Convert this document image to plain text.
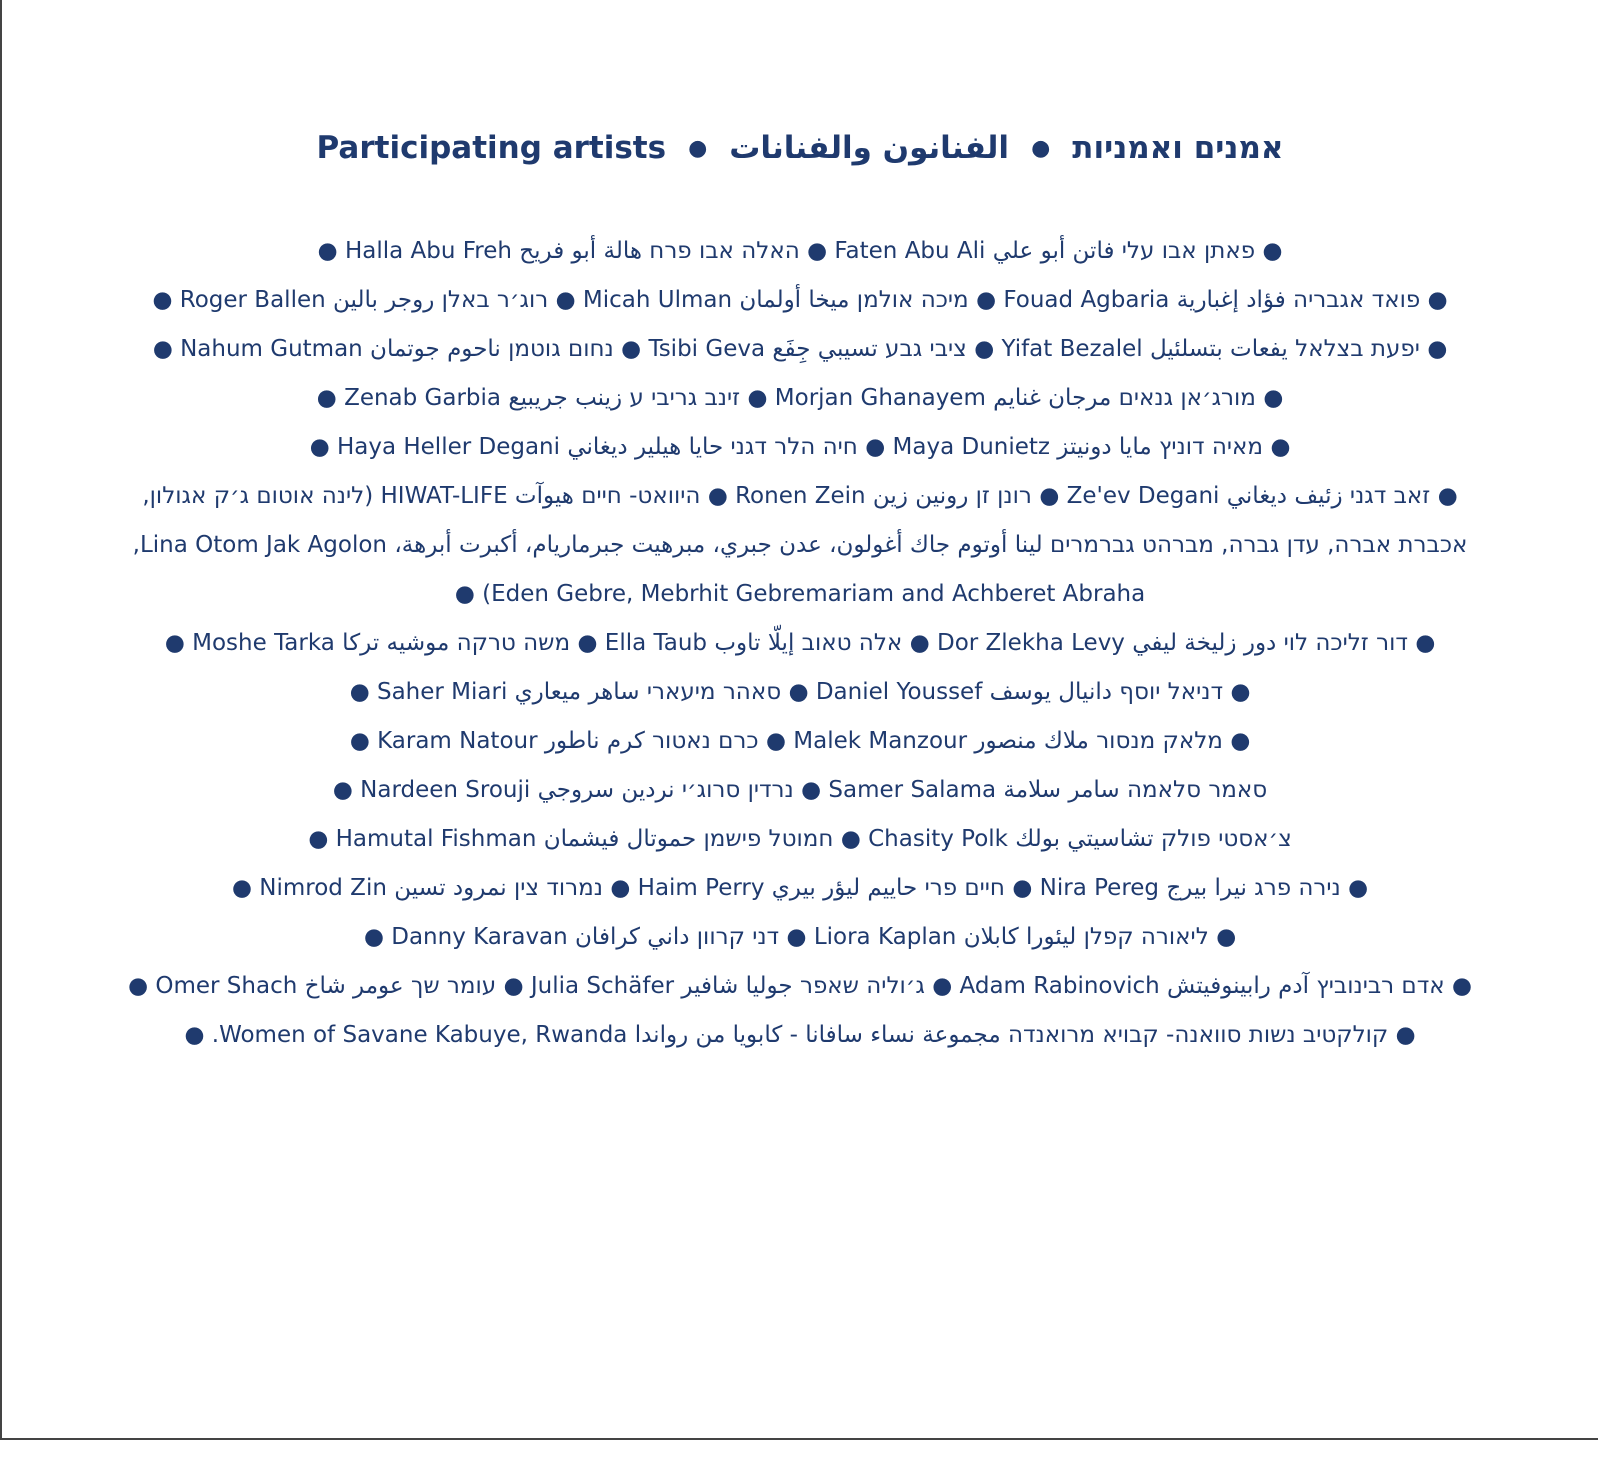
אמנים ואמניות●الفنانون والفنانات●Participating artists
● פאתן אבו עלי فاتن أبو علي Faten Abu Ali ● האלה אבו פרח هالة أبو فريح Halla Abu Freh ●
● פואד אגבריה فؤاد إغبارية Fouad Agbaria ● מיכה אולמן ميخا أولمان Micah Ulman ● רוג׳ר באלן روجر بالين Roger Ballen ●
● יפעת בצלאל يفعات بتسلئيل Yifat Bezalel ● ציבי גבע تسيبي جِفَع Tsibi Geva ● נחום גוטמן ناحوم جوتمان Nahum Gutman ●
● מורג׳אן גנאים مرجان غنايم Morjan Ghanayem ● זינב גריבי ע زينب جريبيع Zenab Garbia ●
● מאיה דוניץ مايا دونيتز Maya Dunietz ● חיה הלר דגני حايا هيلير ديغاني Haya Heller Degani ●
● זאב דגני زئيف ديغاني Ze'ev Degani ● רונן זן رونين زين Ronen Zein ● היוואט- חיים هيوآت HIWAT-LIFE (לינה אוטום ג׳ק אגולון,
אכברת אברה, עדן גברה, מברהט גברמרים لينا أوتوم جاك أغولون، عدن جبري، مبرهيت جبرماريام، أكبرت أبرهة، Lina Otom Jak Agolon,
Eden Gebre, Mebrhit Gebremariam and Achberet Abraha) ●
● דור זליכה לוי دور زليخة ليفي Dor Zlekha Levy ● אלה טאוב إيلّا تاوب Ella Taub ● משה טרקה موشيه تركا Moshe Tarka ●
● דניאל יוסף دانيال يوسف Daniel Youssef ● סאהר מיעארי ساهر ميعاري Saher Miari ●
● מלאק מנסור ملاك منصور Malek Manzour ● כרם נאטור كرم ناطور Karam Natour ●
סאמר סלאמה سامر سلامة Samer Salama ● נרדין סרוג׳י نردين سروجي Nardeen Srouji ●
צ׳אסטי פולק تشاسيتي بولك Chasity Polk ● חמוטל פישמן حموتال فيشمان Hamutal Fishman ●
● נירה פרג نيرا بيرج Nira Pereg ● חיים פרי حاييم ليؤر بيري Haim Perry ● נמרוד צין نمرود تسين Nimrod Zin ●
● ליאורה קפלן ليئورا كابلان Liora Kaplan ● דני קרוון داني كرافان Danny Karavan ●
● אדם רבינוביץ آدم رابينوفيتش Adam Rabinovich ● ג׳וליה שאפר جوليا شافير Julia Schäfer ● עומר שך عومر شاخ Omer Shach ●
● קולקטיב נשות סוואנה- קבויא מרואנדה مجموعة نساء سافانا - كابويا من رواندا Women of Savane Kabuye, Rwanda. ●
